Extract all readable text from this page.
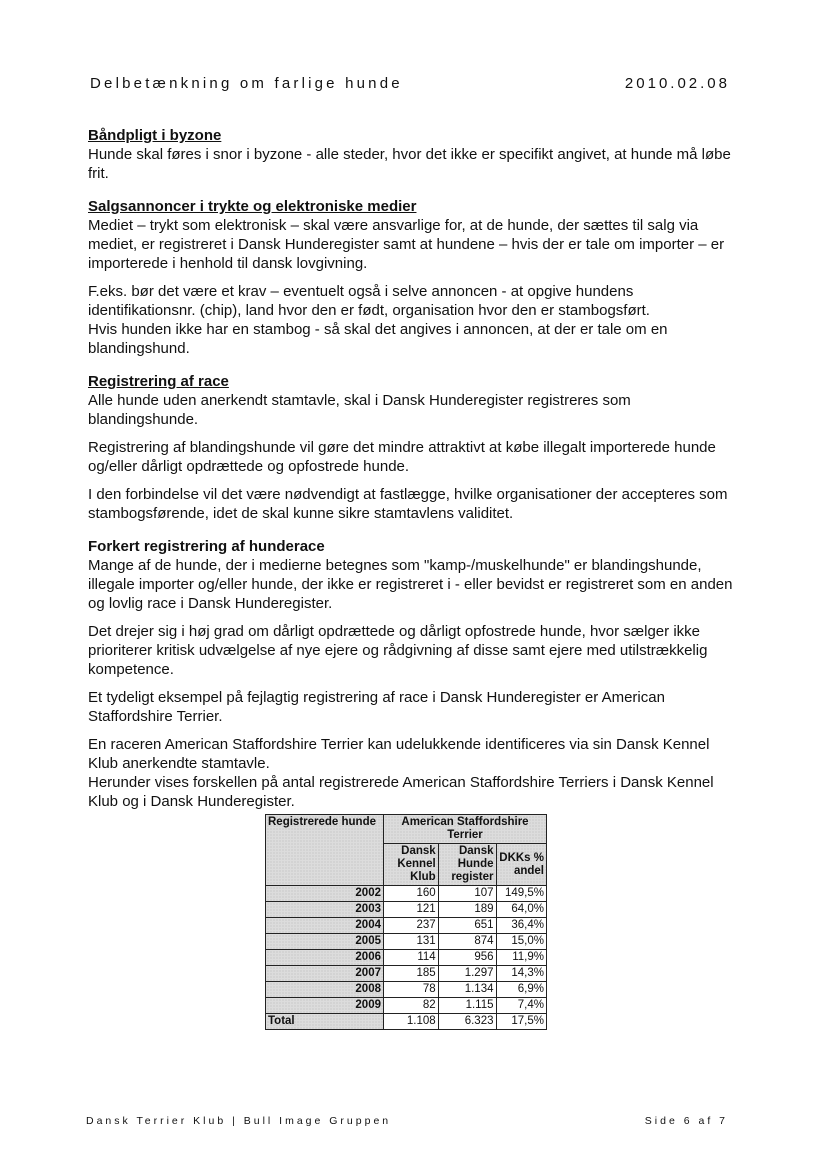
Delbetænkning om farlige hunde	2010.02.08
Båndpligt i byzone

Hunde skal føres i snor i byzone - alle steder, hvor det ikke er specifikt angivet, at hunde må løbe frit.

Salgsannoncer i trykte og elektroniske medier

Mediet – trykt som elektronisk – skal være ansvarlige for, at de hunde, der sættes til salg via mediet, er registreret i Dansk Hunderegister samt at hundene – hvis der er tale om importer – er importerede i henhold til dansk lovgivning.

F.eks. bør det være et krav – eventuelt også i selve annoncen - at opgive hundens identifikationsnr. (chip), land hvor den er født, organisation hvor den er stambogsført.

Hvis hunden ikke har en stambog - så skal det angives i annoncen, at der er tale om en blandingshund.

Registrering af race

Alle hunde uden anerkendt stamtavle, skal i Dansk Hunderegister registreres som blandingshunde.

Registrering af blandingshunde vil gøre det mindre attraktivt at købe illegalt importerede hunde og/eller dårligt opdrættede og opfostrede hunde.

I den forbindelse vil det være nødvendigt at fastlægge, hvilke organisationer der accepteres som stambogsførende, idet de skal kunne sikre stamtavlens validitet.

Forkert registrering af hunderace

Mange af de hunde, der i medierne betegnes som "kamp-/muskelhunde" er blandingshunde, illegale importer og/eller hunde, der ikke er registreret i - eller bevidst er registreret som en anden og lovlig race i Dansk Hunderegister.

Det drejer sig i høj grad om dårligt opdrættede og dårligt opfostrede hunde, hvor sælger ikke prioriterer kritisk udvælgelse af nye ejere og rådgivning af disse samt ejere med utilstrækkelig kompetence.

Et tydeligt eksempel på fejlagtig registrering af race i Dansk Hunderegister er American Staffordshire Terrier.

En raceren American Staffordshire Terrier kan udelukkende identificeres via sin Dansk Kennel Klub anerkendte stamtavle.

Herunder vises forskellen på antal registrerede American Staffordshire Terriers i Dansk Kennel Klub og i Dansk Hunderegister.

Registrerede hunde	American Staffordshire Terrier		
	Dansk Kennel Klub	Dansk Hunde register	DKKs % andel
2002	160	107	149,5%
2003	121	189	64,0%
2004	237	651	36,4%
2005	131	874	15,0%
2006	114	956	11,9%
2007	185	1.297	14,3%
2008	78	1.134	6,9%
2009	82	1.115	7,4%
Total	1.108	6.323	17,5%
Dansk Terrier Klub | Bull Image Gruppen	Side 6 af 7
